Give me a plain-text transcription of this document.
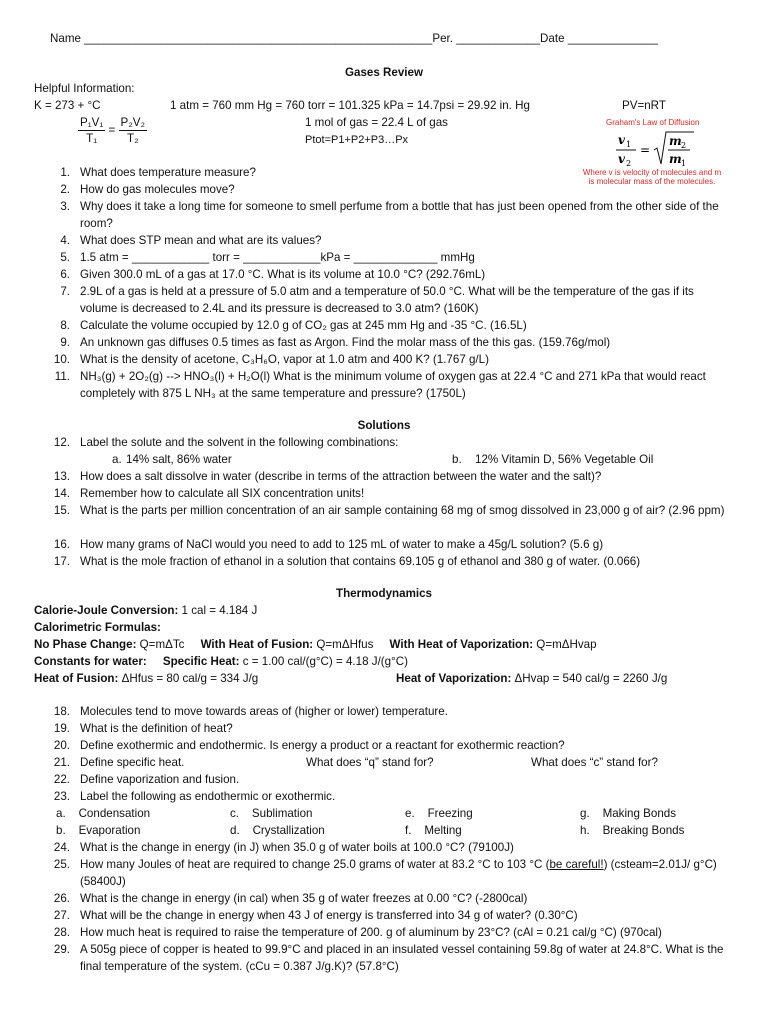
Name ______________________________________________________Per. _____________Date ______________
Gases Review
Helpful Information:
K = 273 + °C	1 atm = 760 mm Hg = 760 torr = 101.325 kPa = 14.7psi = 29.92 in. Hg	PV=nRT
$\frac{\text{P₁V₁}}{\text{T₁}} = \frac{\text{P₂V₂}}{\text{T₂}}$	1 mol of gas = 22.4 L of gas
Ptot=P1+P2+P3…Px
Graham's Law of Diffusion
v 1
v 2
=
m 2
m 1
Where v is velocity of molecules and m is molecular mass of the molecules.
1. What does temperature measure?
2. How do gas molecules move?
3. Why does it take a long time for someone to smell perfume from a bottle that has just been opened from the other side of the room?
4. What does STP mean and what are its values?
5. 1.5 atm = ____________ torr = ____________kPa = _____________ mmHg
6. Given 300.0 mL of a gas at 17.0 °C. What is its volume at 10.0 °C? (292.76mL)
7. 2.9L of a gas is held at a pressure of 5.0 atm and a temperature of 50.0 °C. What will be the temperature of the gas if its volume is decreased to 2.4L and its pressure is decreased to 3.0 atm? (160K)
8. Calculate the volume occupied by 12.0 g of CO₂ gas at 245 mm Hg and -35 °C. (16.5L)
9. An unknown gas diffuses 0.5 times as fast as Argon. Find the molar mass of the this gas. (159.76g/mol)
10. What is the density of acetone, C₃H₆O, vapor at 1.0 atm and 400 K? (1.767 g/L)
11. NH₃(g) + 2O₂(g) --> HNO₃(l) + H₂O(l) What is the minimum volume of oxygen gas at 22.4 °C and 271 kPa that would react completely with 875 L NH₃ at the same temperature and pressure? (1750L)
Solutions
12. Label the solute and the solvent in the following combinations:
a. 14% salt, 86% water	b. 12% Vitamin D, 56% Vegetable Oil
13. How does a salt dissolve in water (describe in terms of the attraction between the water and the salt)?
14. Remember how to calculate all SIX concentration units!
15. What is the parts per million concentration of an air sample containing 68 mg of smog dissolved in 23,000 g of air? (2.96 ppm)
16. How many grams of NaCl would you need to add to 125 mL of water to make a 45g/L solution? (5.6 g)
17. What is the mole fraction of ethanol in a solution that contains 69.105 g of ethanol and 380 g of water. (0.066)
Thermodynamics
Calorie-Joule Conversion: 1 cal = 4.184 J
Calorimetric Formulas:
No Phase Change: Q=mΔTc With Heat of Fusion: Q=mΔHfus With Heat of Vaporization: Q=mΔHvap
Constants for water: Specific Heat: c = 1.00 cal/(g°C) = 4.18 J/(g°C)
Heat of Fusion: ΔHfus = 80 cal/g = 334 J/g	Heat of Vaporization: ΔHvap = 540 cal/g = 2260 J/g
18. Molecules tend to move towards areas of (higher or lower) temperature.
19. What is the definition of heat?
20. Define exothermic and endothermic. Is energy a product or a reactant for exothermic reaction?
21. Define specific heat.	What does “q” stand for?	What does “c” stand for?
22. Define vaporization and fusion.
23. Label the following as endothermic or exothermic.
a. Condensation	c. Sublimation	e. Freezing	g. Making Bonds
b. Evaporation	d. Crystallization	f. Melting	h. Breaking Bonds
24. What is the change in energy (in J) when 35.0 g of water boils at 100.0 °C? (79100J)
25. How many Joules of heat are required to change 25.0 grams of water at 83.2 °C to 103 °C (be careful!) (csteam=2.01J/ g°C) (58400J)
26. What is the change in energy (in cal) when 35 g of water freezes at 0.00 °C? (-2800cal)
27. What will be the change in energy when 43 J of energy is transferred into 34 g of water? (0.30°C)
28. How much heat is required to raise the temperature of 200. g of aluminum by 23°C? (cAl = 0.21 cal/g °C) (970cal)
29. A 505g piece of copper is heated to 99.9°C and placed in an insulated vessel containing 59.8g of water at 24.8°C. What is the final temperature of the system. (cCu = 0.387 J/g.K)? (57.8°C)
